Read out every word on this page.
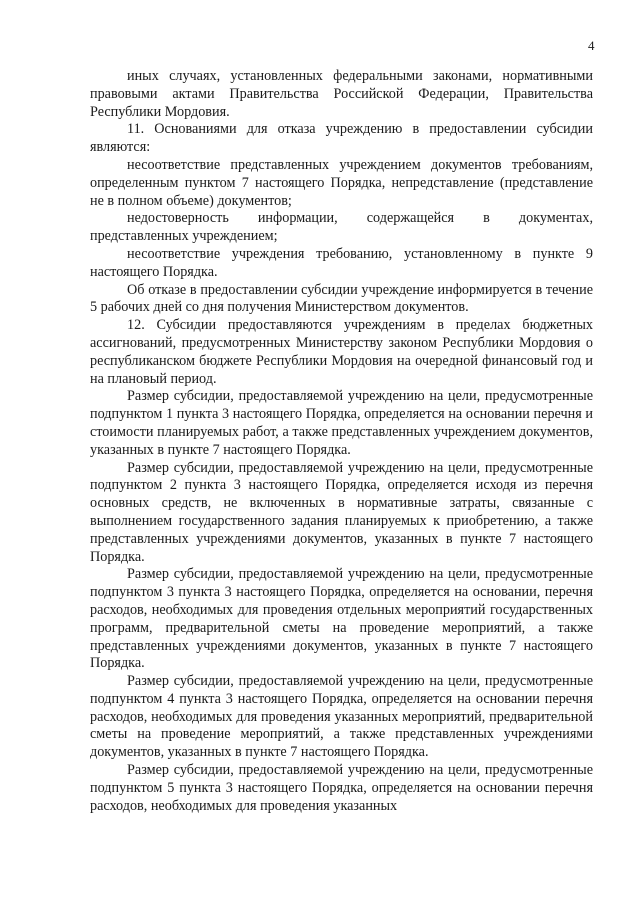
4

иных случаях, установленных федеральными законами, нормативными правовыми актами Правительства Российской Федерации, Правительства Республики Мордовия.

11. Основаниями для отказа учреждению в предоставлении субсидии являются:

несоответствие представленных учреждением документов требованиям, определенным пунктом 7 настоящего Порядка, непредставление (представление не в полном объеме) документов;

недостоверность информации, содержащейся в документах, представленных учреждением;

несоответствие учреждения требованию, установленному в пункте 9 настоящего Порядка.

Об отказе в предоставлении субсидии учреждение информируется в течение 5 рабочих дней со дня получения Министерством документов.

12. Субсидии предоставляются учреждениям в пределах бюджетных ассигнований, предусмотренных Министерству законом Республики Мордовия о республиканском бюджете Республики Мордовия на очередной финансовый год и на плановый период.

Размер субсидии, предоставляемой учреждению на цели, предусмотренные подпунктом 1 пункта 3 настоящего Порядка, определяется на основании перечня и стоимости планируемых работ, а также представленных учреждением документов, указанных в пункте 7 настоящего Порядка.

Размер субсидии, предоставляемой учреждению на цели, предусмотренные подпунктом 2 пункта 3 настоящего Порядка, определяется исходя из перечня основных средств, не включенных в нормативные затраты, связанные с выполнением государственного задания планируемых к приобретению, а также представленных учреждениями документов, указанных в пункте 7 настоящего Порядка.

Размер субсидии, предоставляемой учреждению на цели, предусмотренные подпунктом 3 пункта 3 настоящего Порядка, определяется на основании, перечня расходов, необходимых для проведения отдельных мероприятий государственных программ, предварительной сметы на проведение мероприятий, а также представленных учреждениями документов, указанных в пункте 7 настоящего Порядка.

Размер субсидии, предоставляемой учреждению на цели, предусмотренные подпунктом 4 пункта 3 настоящего Порядка, определяется на основании перечня расходов, необходимых для проведения указанных мероприятий, предварительной сметы на проведение мероприятий, а также представленных учреждениями документов, указанных в пункте 7 настоящего Порядка.

Размер субсидии, предоставляемой учреждению на цели, предусмотренные подпунктом 5 пункта 3 настоящего Порядка, определяется на основании перечня расходов, необходимых для проведения указанных
